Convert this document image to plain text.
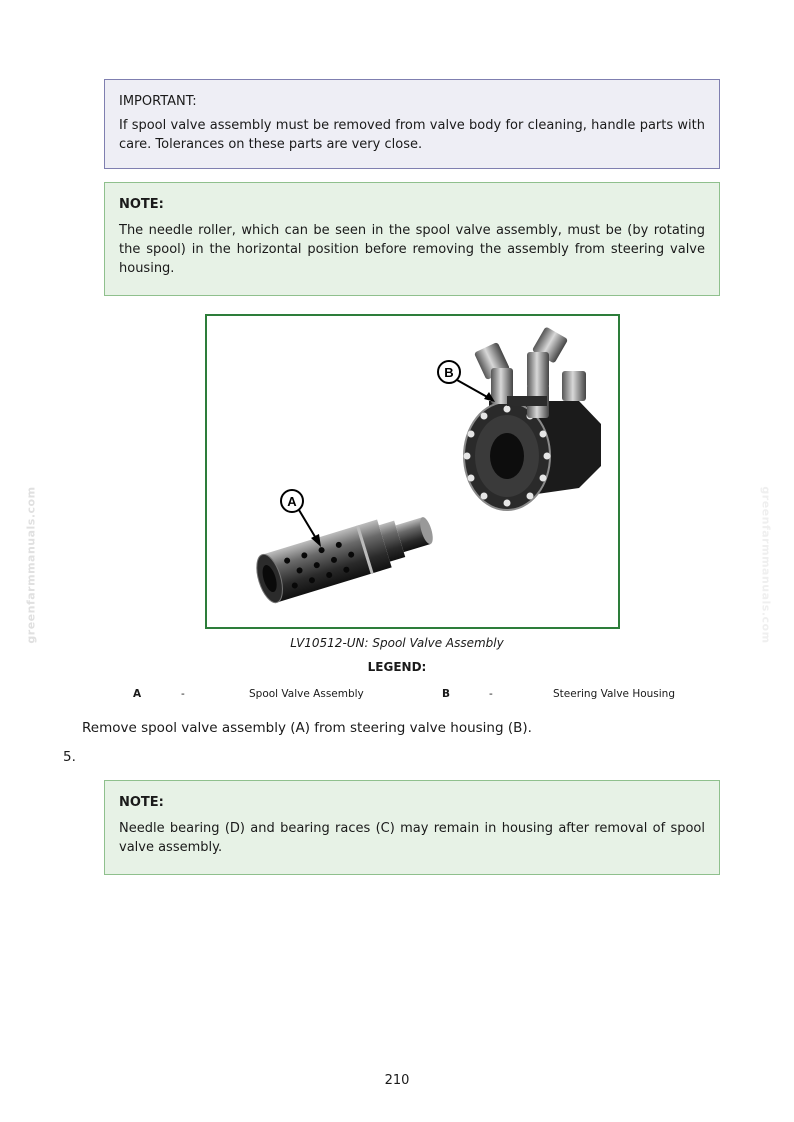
IMPORTANT:
If spool valve assembly must be removed from valve body for cleaning, handle parts with care. Tolerances on these parts are very close.
NOTE:
The needle roller, which can be seen in the spool valve assembly, must be (by rotating the spool) in the horizontal position before removing the assembly from steering valve housing.
B
A
LV10512-UN: Spool Valve Assembly
LEGEND:
A	-	Spool Valve Assembly	B	-	Steering Valve Housing
Remove spool valve assembly (A) from steering valve housing (B).
5.
NOTE:
Needle bearing (D) and bearing races (C) may remain in housing after removal of spool valve assembly.
210
greenfarmmanuals.com	greenfarmmanuals.com
